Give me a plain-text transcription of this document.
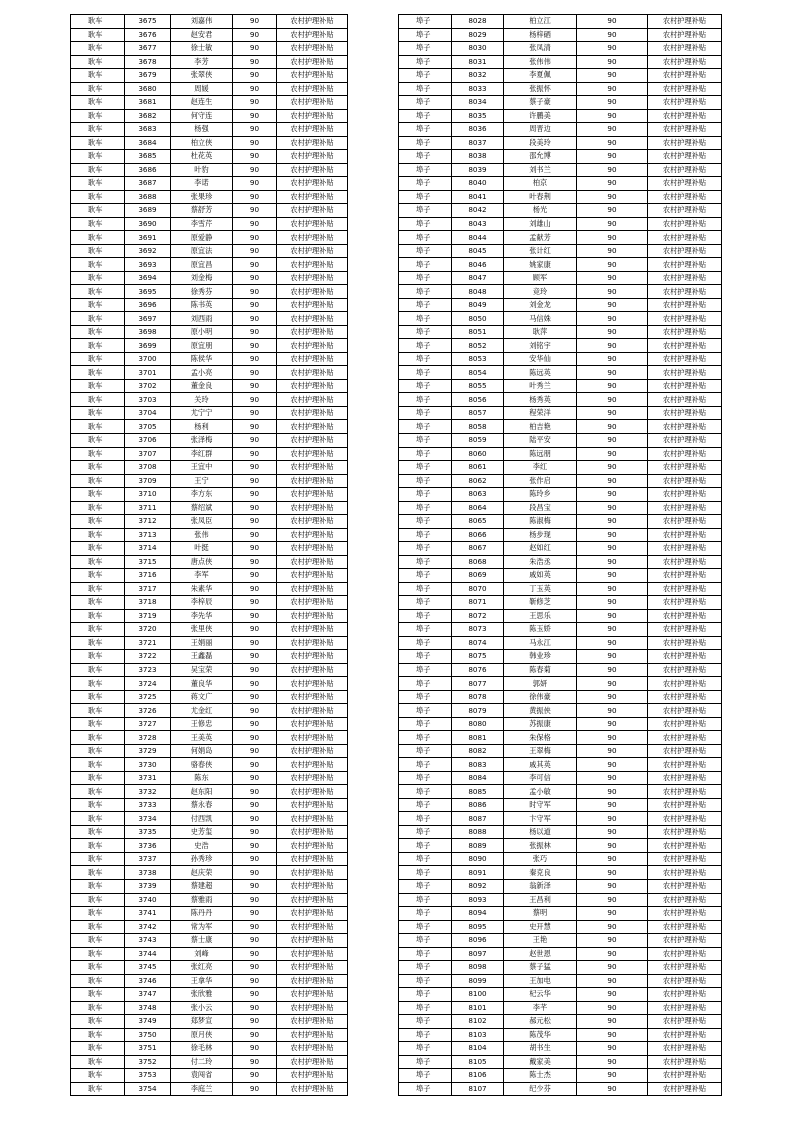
耿车	3675	刘嘉伟	90	农村护理补贴
耿车	3676	赵安君	90	农村护理补贴
耿车	3677	徐士敏	90	农村护理补贴
耿车	3678	李芳	90	农村护理补贴
耿车	3679	张翠侠	90	农村护理补贴
耿车	3680	周媛	90	农村护理补贴
耿车	3681	赵连生	90	农村护理补贴
耿车	3682	何守连	90	农村护理补贴
耿车	3683	杨强	90	农村护理补贴
耿车	3684	柏立侠	90	农村护理补贴
耿车	3685	杜花英	90	农村护理补贴
耿车	3686	叶豹	90	农村护理补贴
耿车	3687	李诺	90	农村护理补贴
耿车	3688	张果珍	90	农村护理补贴
耿车	3689	蔡舒芳	90	农村护理补贴
耿车	3690	李雪芹	90	农村护理补贴
耿车	3691	原爱静	90	农村护理补贴
耿车	3692	原宜法	90	农村护理补贴
耿车	3693	原宜昌	90	农村护理补贴
耿车	3694	刘金梅	90	农村护理补贴
耿车	3695	徐秀芬	90	农村护理补贴
耿车	3696	陈书英	90	农村护理补贴
耿车	3697	刘西雨	90	农村护理补贴
耿车	3698	原小明	90	农村护理补贴
耿车	3699	原宜朋	90	农村护理补贴
耿车	3700	陈侯华	90	农村护理补贴
耿车	3701	孟小亮	90	农村护理补贴
耿车	3702	董金良	90	农村护理补贴
耿车	3703	关玲	90	农村护理补贴
耿车	3704	尤宁宁	90	农村护理补贴
耿车	3705	杨利	90	农村护理补贴
耿车	3706	张泽梅	90	农村护理补贴
耿车	3707	李红群	90	农村护理补贴
耿车	3708	王宜中	90	农村护理补贴
耿车	3709	王宁	90	农村护理补贴
耿车	3710	李方东	90	农村护理补贴
耿车	3711	蔡绍斌	90	农村护理补贴
耿车	3712	张凤臣	90	农村护理补贴
耿车	3713	张伟	90	农村护理补贴
耿车	3714	叶挺	90	农村护理补贴
耿车	3715	唐点侠	90	农村护理补贴
耿车	3716	李军	90	农村护理补贴
耿车	3717	朱素华	90	农村护理补贴
耿车	3718	李梓辰	90	农村护理补贴
耿车	3719	李先华	90	农村护理补贴
耿车	3720	张里侠	90	农村护理补贴
耿车	3721	王娟丽	90	农村护理补贴
耿车	3722	王鑫磊	90	农村护理补贴
耿车	3723	吴宝荣	90	农村护理补贴
耿车	3724	董良华	90	农村护理补贴
耿车	3725	蒋文广	90	农村护理补贴
耿车	3726	尤金红	90	农村护理补贴
耿车	3727	王修忠	90	农村护理补贴
耿车	3728	王美英	90	农村护理补贴
耿车	3729	何娟岛	90	农村护理补贴
耿车	3730	骆春侠	90	农村护理补贴
耿车	3731	陈东	90	农村护理补贴
耿车	3732	赵东阳	90	农村护理补贴
耿车	3733	蔡永春	90	农村护理补贴
耿车	3734	付西凯	90	农村护理补贴
耿车	3735	史芳玺	90	农村护理补贴
耿车	3736	史浩	90	农村护理补贴
耿车	3737	孙秀珍	90	农村护理补贴
耿车	3738	赵庆荣	90	农村护理补贴
耿车	3739	蔡建超	90	农村护理补贴
耿车	3740	蔡雅雨	90	农村护理补贴
耿车	3741	陈丹丹	90	农村护理补贴
耿车	3742	常为军	90	农村护理补贴
耿车	3743	蔡士康	90	农村护理补贴
耿车	3744	刘峰	90	农村护理补贴
耿车	3745	张红亮	90	农村护理补贴
耿车	3746	王拿华	90	农村护理补贴
耿车	3747	张欣雅	90	农村护理补贴
耿车	3748	张小云	90	农村护理补贴
耿车	3749	郑梦宣	90	农村护理补贴
耿车	3750	原月侠	90	农村护理补贴
耿车	3751	徐毛林	90	农村护理补贴
耿车	3752	付二玲	90	农村护理补贴
耿车	3753	袁闯省	90	农村护理补贴
耿车	3754	李庭兰	90	农村护理补贴
埠子	8028	柏立江	90	农村护理补贴
埠子	8029	杨梓硒	90	农村护理补贴
埠子	8030	张凤清	90	农村护理补贴
埠子	8031	张伟伟	90	农村护理补贴
埠子	8032	李夏佩	90	农村护理补贴
埠子	8033	张振怀	90	农村护理补贴
埠子	8034	蔡子豪	90	农村护理补贴
埠子	8035	许鹏美	90	农村护理补贴
埠子	8036	周晋边	90	农村护理补贴
埠子	8037	段美玲	90	农村护理补贴
埠子	8038	邵允博	90	农村护理补贴
埠子	8039	刘书兰	90	农村护理补贴
埠子	8040	柏京	90	农村护理补贴
埠子	8041	叶春荆	90	农村护理补贴
埠子	8042	杨光	90	农村护理补贴
埠子	8043	刘雄山	90	农村护理补贴
埠子	8044	孟献芳	90	农村护理补贴
埠子	8045	张计红	90	农村护理补贴
埠子	8046	姚家康	90	农村护理补贴
埠子	8047	顾军	90	农村护理补贴
埠子	8048	竞玲	90	农村护理补贴
埠子	8049	刘金龙	90	农村护理补贴
埠子	8050	马信姝	90	农村护理补贴
埠子	8051	耿萍	90	农村护理补贴
埠子	8052	刘铭宇	90	农村护理补贴
埠子	8053	安华仙	90	农村护理补贴
埠子	8054	陈远英	90	农村护理补贴
埠子	8055	叶秀兰	90	农村护理补贴
埠子	8056	杨秀英	90	农村护理补贴
埠子	8057	程荣洋	90	农村护理补贴
埠子	8058	柏吉艳	90	农村护理补贴
埠子	8059	陆平安	90	农村护理补贴
埠子	8060	陈远朋	90	农村护理补贴
埠子	8061	李红	90	农村护理补贴
埠子	8062	张作启	90	农村护理补贴
埠子	8063	陈玲乡	90	农村护理补贴
埠子	8064	段昌宝	90	农村护理补贴
埠子	8065	陈淑梅	90	农村护理补贴
埠子	8066	杨步现	90	农村护理补贴
埠子	8067	赵如红	90	农村护理补贴
埠子	8068	朱浩丞	90	农村护理补贴
埠子	8069	戚如英	90	农村护理补贴
埠子	8070	丁玉英	90	农村护理补贴
埠子	8071	靳修芝	90	农村护理补贴
埠子	8072	王思乐	90	农村护理补贴
埠子	8073	陈玉娇	90	农村护理补贴
埠子	8074	马永江	90	农村护理补贴
埠子	8075	韩业珍	90	农村护理补贴
埠子	8076	陈春菊	90	农村护理补贴
埠子	8077	郭妍	90	农村护理补贴
埠子	8078	徐伟豪	90	农村护理补贴
埠子	8079	黄振侠	90	农村护理补贴
埠子	8080	苏振康	90	农村护理补贴
埠子	8081	朱保格	90	农村护理补贴
埠子	8082	王翠梅	90	农村护理补贴
埠子	8083	戚其英	90	农村护理补贴
埠子	8084	李可信	90	农村护理补贴
埠子	8085	孟小敏	90	农村护理补贴
埠子	8086	时守军	90	农村护理补贴
埠子	8087	卞守军	90	农村护理补贴
埠子	8088	杨以道	90	农村护理补贴
埠子	8089	张振林	90	农村护理补贴
埠子	8090	张巧	90	农村护理补贴
埠子	8091	秦克良	90	农村护理补贴
埠子	8092	翁新泽	90	农村护理补贴
埠子	8093	王昌利	90	农村护理补贴
埠子	8094	蔡明	90	农村护理补贴
埠子	8095	史开慧	90	农村护理补贴
埠子	8096	王艳	90	农村护理补贴
埠子	8097	赵世恩	90	农村护理补贴
埠子	8098	蔡子猛	90	农村护理补贴
埠子	8099	王加电	90	农村护理补贴
埠子	8100	杞云华	90	农村护理补贴
埠子	8101	李芊	90	农村护理补贴
埠子	8102	郝元松	90	农村护理补贴
埠子	8103	陈茂华	90	农村护理补贴
埠子	8104	胡书生	90	农村护理补贴
埠子	8105	戴家美	90	农村护理补贴
埠子	8106	陈士杰	90	农村护理补贴
埠子	8107	纪少芬	90	农村护理补贴
